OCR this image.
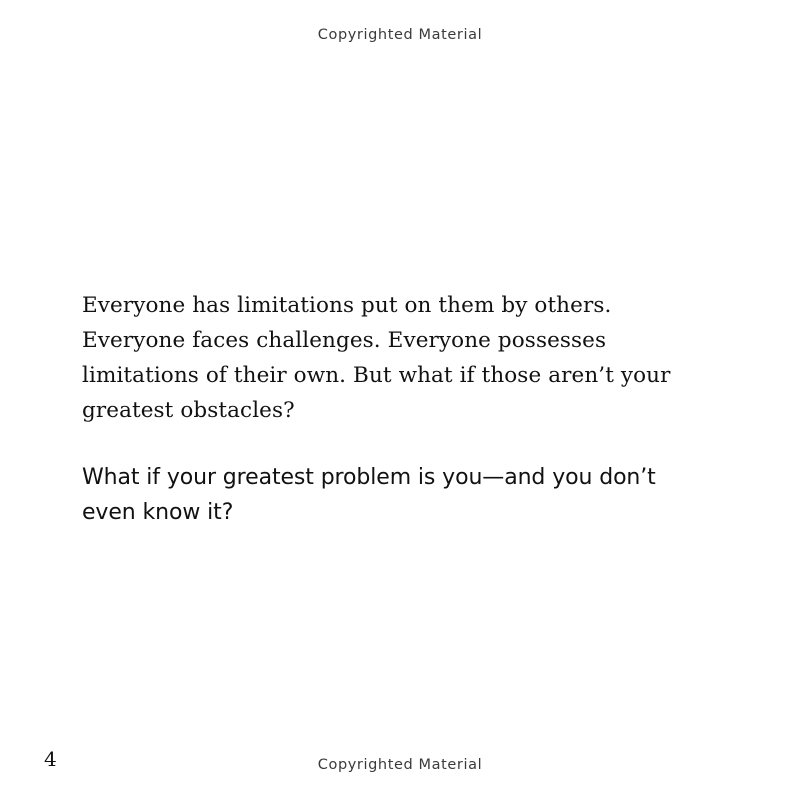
Copyrighted Material

Everyone has limitations put on them by others. Everyone faces challenges. Everyone possesses limitations of their own. But what if those aren’t your greatest obstacles?

What if your greatest problem is you—and you don’t even know it?

4	Copyrighted Material
